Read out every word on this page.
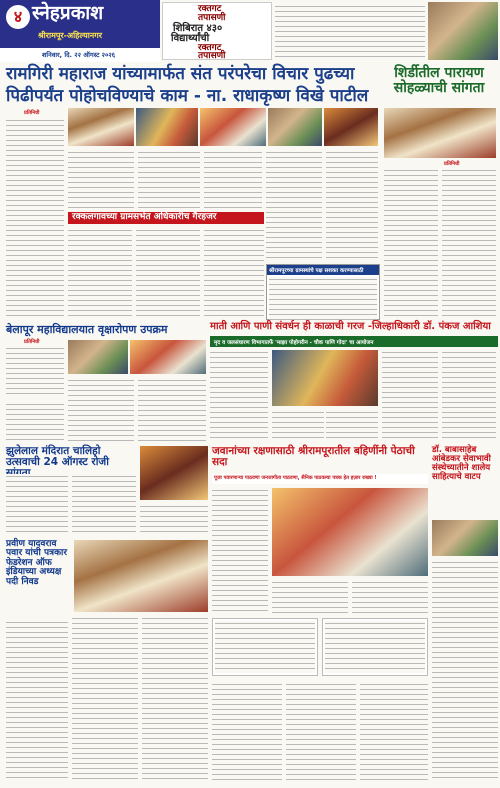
४ स्नेहप्रकाश
श्रीरामपूर-अहिल्यानगर
शनिवार, दि. २२ ऑगस्ट २०२६
रक्तगट
तपासणी
शिबिरात ४३०
विद्यार्थ्यांची
रक्तगट
तपासणी
रामगिरी महाराज यांच्यामार्फत संत परंपरेचा विचार पुढच्या
पिढीपर्यंत पोहोचविण्याचे काम - ना. राधाकृष्ण विखे पाटील
शिर्डीतील पारायण सोहळ्याची सांगता
प्रतिनिधी
प्रतिनिधी
रक्कलगावच्या ग्रामसभेत अधिकारीच गैरहजर
श्रीरामपूरच्या ग्रामस्थांचे पक्ष सशक्त करण्यासाठी
बेलापूर महाविद्यालयात वृक्षारोपण उपक्रम
प्रतिनिधी
माती आणि पाणी संवर्धन ही काळाची गरज -जिल्हाधिकारी डॉ. पंकज आशिया
मृद व जलसंधारण विभागातर्फे 'माझा पोहोगरीन - चौक पाणि गोदा' चा आयोजन
झुलेलाल मंदिरात चालिहो उत्सवाची 24 ऑगस्ट रोजी
प्रवीण यादवराव पवार यांची पत्रकार फेडरेशन ऑफ इंडियाच्या अध्यक्ष पदी निवड
जवानांच्या रक्षणासाठी श्रीरामपूरातील बहिणींनी पेठाची सदा
पूजा पवारणाऱ्या पाठवणा जनजागीता पाठवणा, सैनिक पाठवल्या पत्रक हेत हज़ार राख्या !
डॉ. बाबासाहेब आंबेडकर सेवाभावी संस्थेच्यातीने शालेय साहित्याचे वाटप
